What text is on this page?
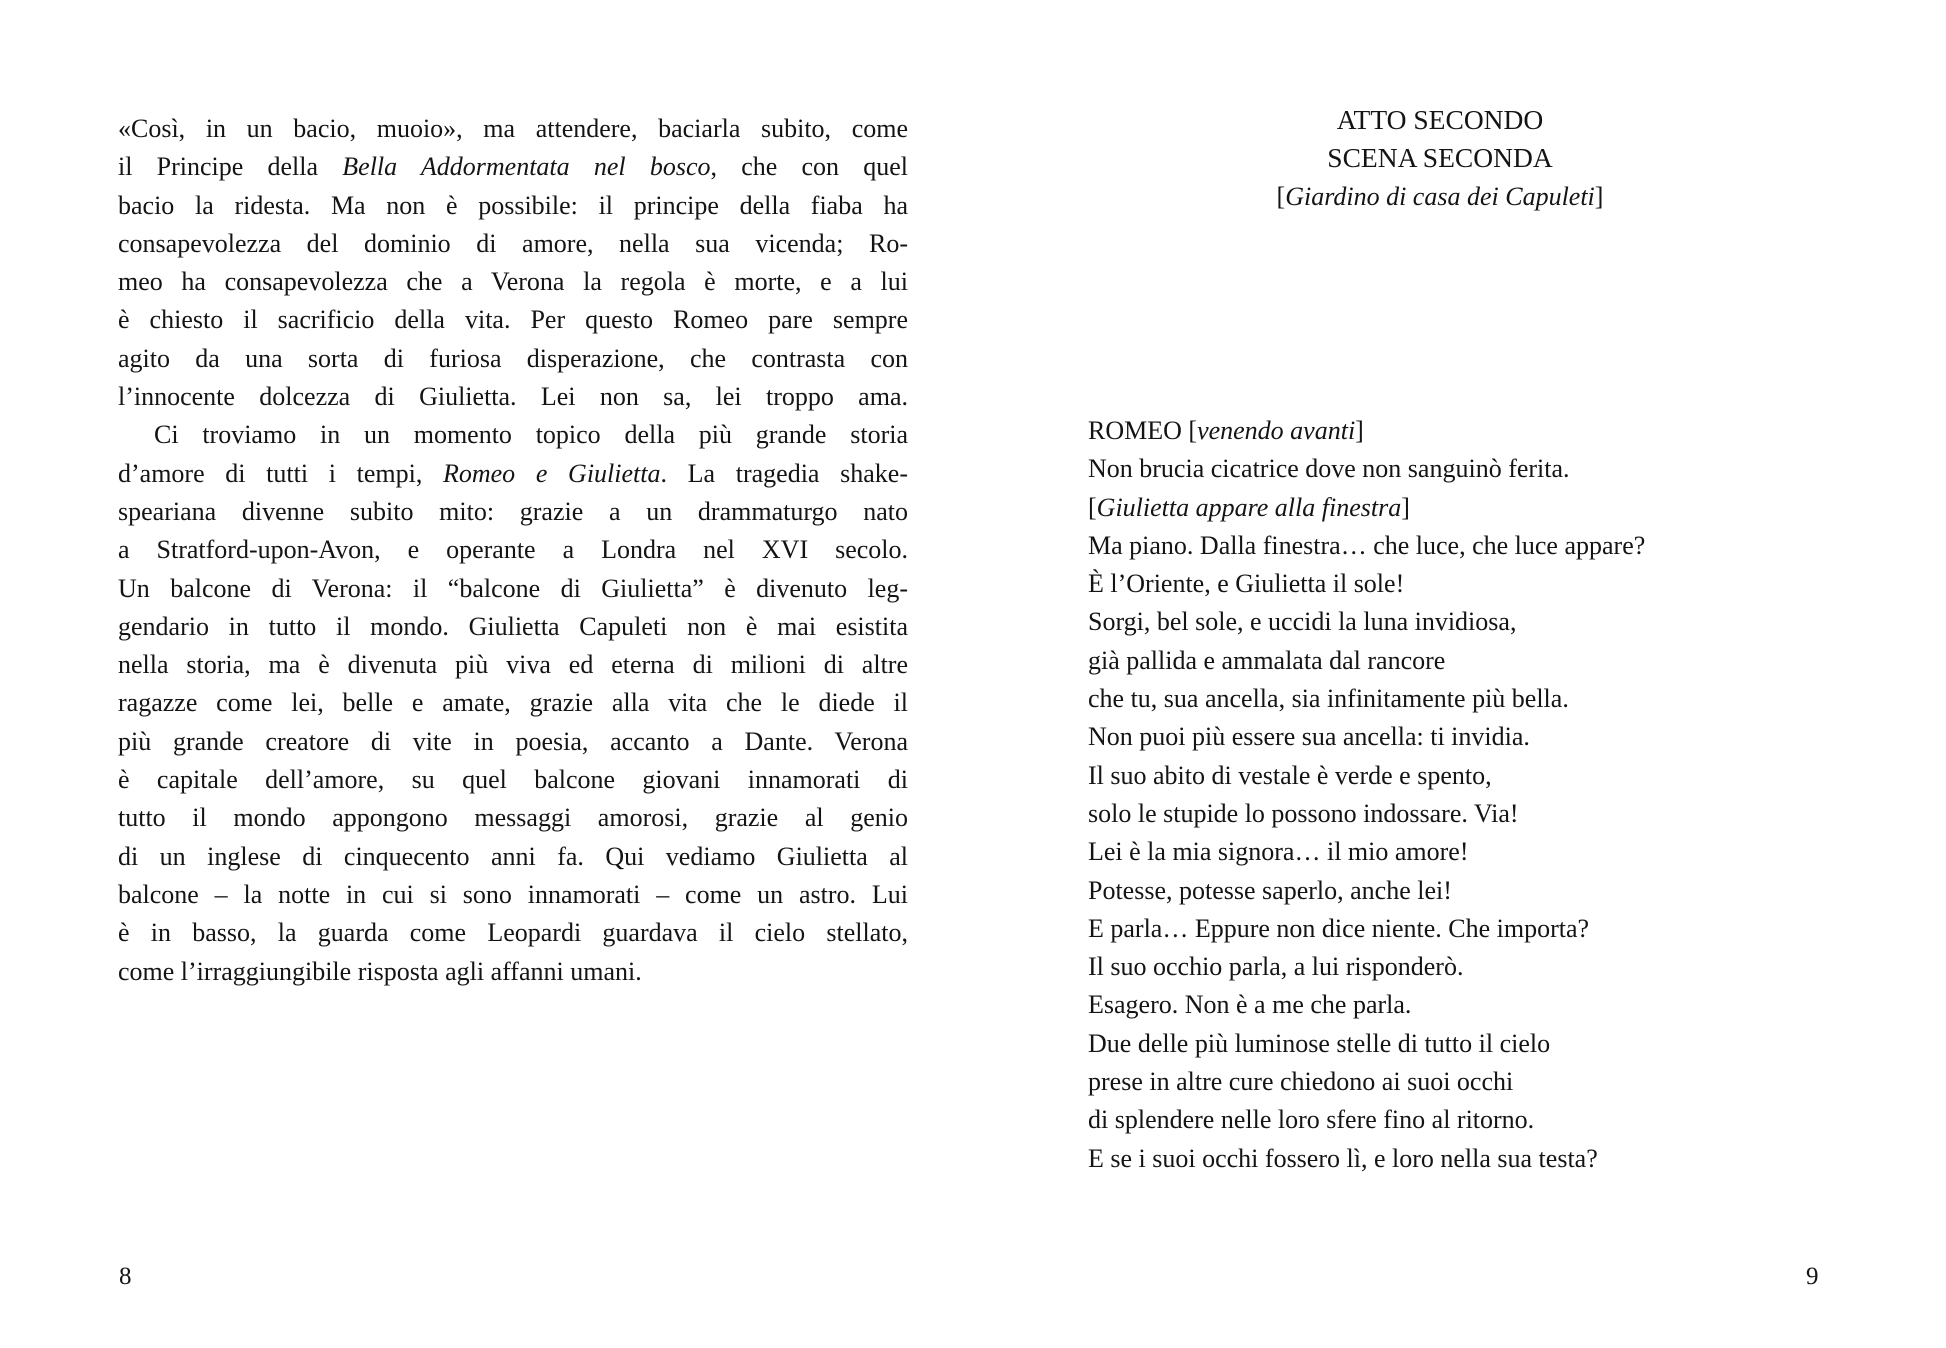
«Così, in un bacio, muoio», ma attendere, baciarla subito, come
il Principe della Bella Addormentata nel bosco, che con quel
bacio la ridesta. Ma non è possibile: il principe della fiaba ha
consapevolezza del dominio di amore, nella sua vicenda; Ro-
meo ha consapevolezza che a Verona la regola è morte, e a lui
è chiesto il sacrificio della vita. Per questo Romeo pare sempre
agito da una sorta di furiosa disperazione, che contrasta con
l’innocente dolcezza di Giulietta. Lei non sa, lei troppo ama.
Ci troviamo in un momento topico della più grande storia
d’amore di tutti i tempi, Romeo e Giulietta. La tragedia shake-
speariana divenne subito mito: grazie a un drammaturgo nato
a Stratford-upon-Avon, e operante a Londra nel XVI secolo.
Un balcone di Verona: il “balcone di Giulietta” è divenuto leg-
gendario in tutto il mondo. Giulietta Capuleti non è mai esistita
nella storia, ma è divenuta più viva ed eterna di milioni di altre
ragazze come lei, belle e amate, grazie alla vita che le diede il
più grande creatore di vite in poesia, accanto a Dante. Verona
è capitale dell’amore, su quel balcone giovani innamorati di
tutto il mondo appongono messaggi amorosi, grazie al genio
di un inglese di cinquecento anni fa. Qui vediamo Giulietta al
balcone – la notte in cui si sono innamorati – come un astro. Lui
è in basso, la guarda come Leopardi guardava il cielo stellato,
come l’irraggiungibile risposta agli affanni umani.
8
ATTO SECONDO
SCENA SECONDA
[Giardino di casa dei Capuleti]
ROMEO [venendo avanti]
Non brucia cicatrice dove non sanguinò ferita.
[Giulietta appare alla finestra]
Ma piano. Dalla finestra… che luce, che luce appare?
È l’Oriente, e Giulietta il sole!
Sorgi, bel sole, e uccidi la luna invidiosa,
già pallida e ammalata dal rancore
che tu, sua ancella, sia infinitamente più bella.
Non puoi più essere sua ancella: ti invidia.
Il suo abito di vestale è verde e spento,
solo le stupide lo possono indossare. Via!
Lei è la mia signora… il mio amore!
Potesse, potesse saperlo, anche lei!
E parla… Eppure non dice niente. Che importa?
Il suo occhio parla, a lui risponderò.
Esagero. Non è a me che parla.
Due delle più luminose stelle di tutto il cielo
prese in altre cure chiedono ai suoi occhi
di splendere nelle loro sfere fino al ritorno.
E se i suoi occhi fossero lì, e loro nella sua testa?
9
